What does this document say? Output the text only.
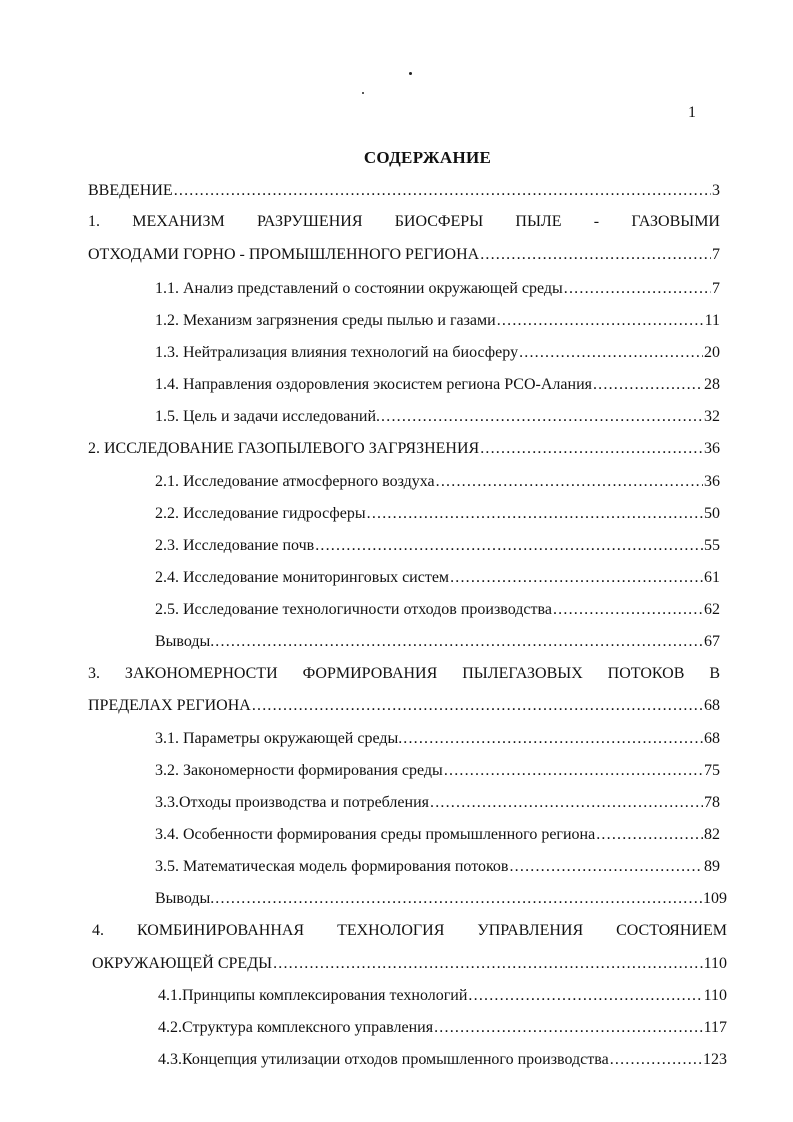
1
СОДЕРЖАНИЕ
ВВЕДЕНИЕ .....	3
1. МЕХАНИЗМ РАЗРУШЕНИЯ БИОСФЕРЫ ПЫЛЕ - ГАЗОВЫМИ
ОТХОДАМИ ГОРНО - ПРОМЫШЛЕННОГО РЕГИОНА .....	7
1.1. Анализ представлений о состоянии окружающей среды .....	7
1.2. Механизм загрязнения среды пылью и газами .....	11
1.3. Нейтрализация влияния технологий на биосферу .....	20
1.4. Направления оздоровления экосистем региона РСО-Алания .....	28
1.5. Цель и задачи исследований. .....	32
2. ИССЛЕДОВАНИЕ ГАЗОПЫЛЕВОГО ЗАГРЯЗНЕНИЯ .....	36
2.1. Исследование атмосферного воздуха .....	36
2.2. Исследование гидросферы .....	50
2.3. Исследование почв .....	55
2.4. Исследование мониторинговых систем .....	61
2.5. Исследование технологичности отходов производства .....	62
Выводы. .....	67
3. ЗАКОНОМЕРНОСТИ ФОРМИРОВАНИЯ ПЫЛЕГАЗОВЫХ ПОТОКОВ В
ПРЕДЕЛАХ РЕГИОНА .....	68
3.1. Параметры окружающей среды. .....	68
3.2. Закономерности формирования среды .....	75
3.3.Отходы производства и потребления .....	78
3.4. Особенности формирования среды промышленного региона .....	82
3.5. Математическая модель формирования потоков .....	89
Выводы. .....	109
4. КОМБИНИРОВАННАЯ ТЕХНОЛОГИЯ УПРАВЛЕНИЯ СОСТОЯНИЕМ
ОКРУЖАЮЩЕЙ СРЕДЫ .....	110
4.1.Принципы комплексирования технологий .....	110
4.2.Структура комплексного управления .....	117
4.3.Концепция утилизации отходов промышленного производства .....	123
